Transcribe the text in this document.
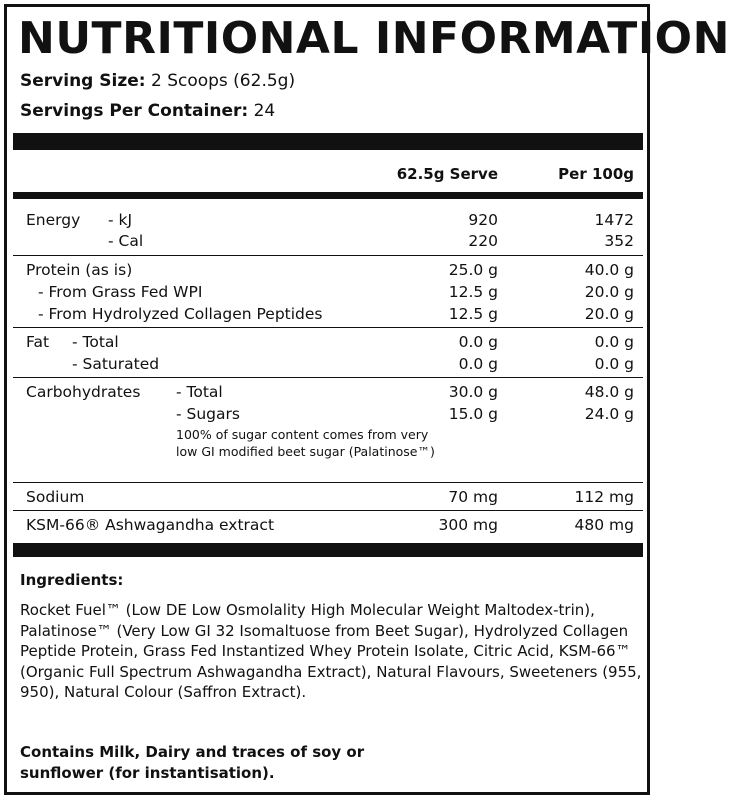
NUTRITIONAL INFORMATION
Serving Size: 2 Scoops (62.5g)
Servings Per Container: 24
62.5g Serve	Per 100g
Energy - kJ	920	1472
- Cal	220	352
Protein (as is)	25.0 g	40.0 g
- From Grass Fed WPI	12.5 g	20.0 g
- From Hydrolyzed Collagen Peptides	12.5 g	20.0 g
Fat - Total	0.0 g	0.0 g
- Saturated	0.0 g	0.0 g
Carbohydrates - Total	30.0 g	48.0 g
- Sugars	15.0 g	24.0 g
100% of sugar content comes from very low GI modified beet sugar (Palatinose™)
Sodium	70 mg	112 mg
KSM-66® Ashwagandha extract	300 mg	480 mg
Ingredients:
Rocket Fuel™ (Low DE Low Osmolality High Molecular Weight Maltodex-trin), Palatinose™ (Very Low GI 32 Isomaltuose from Beet Sugar), Hydrolyzed Collagen Peptide Protein, Grass Fed Instantized Whey Protein Isolate, Citric Acid, KSM-66™ (Organic Full Spectrum Ashwagandha Extract), Natural Flavours, Sweeteners (955, 950), Natural Colour (Saffron Extract).
Contains Milk, Dairy and traces of soy or sunflower (for instantisation).
